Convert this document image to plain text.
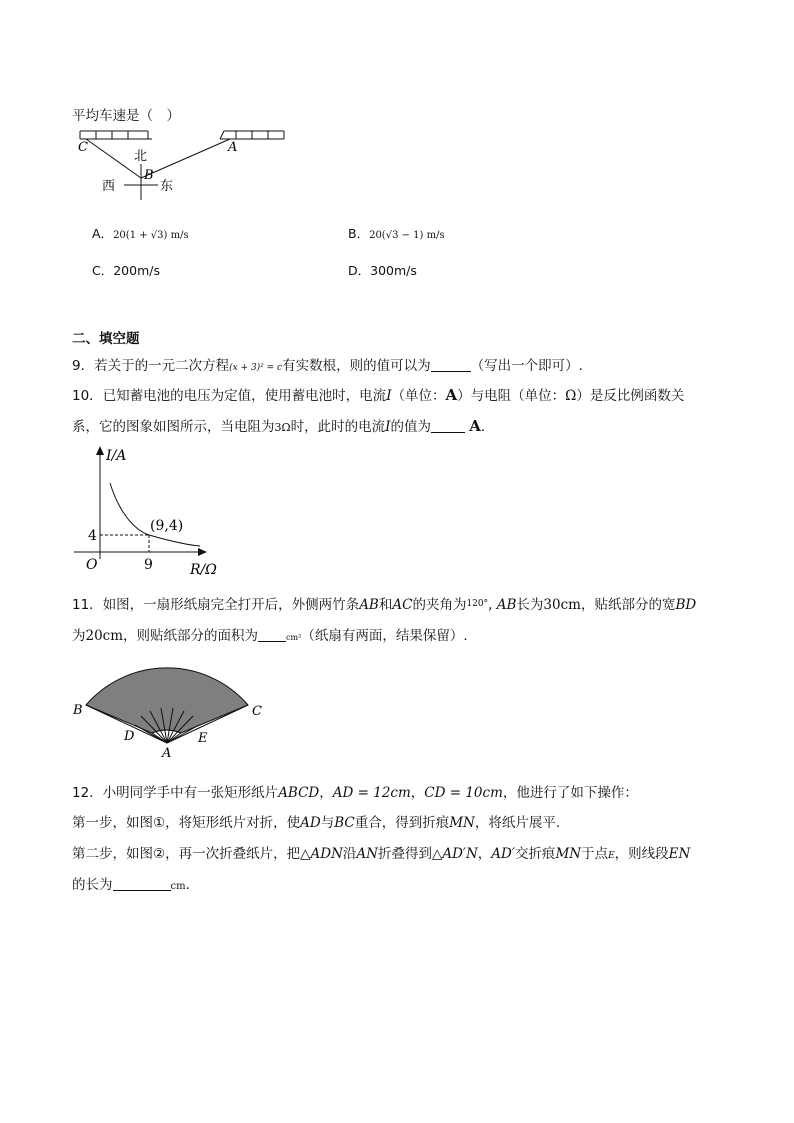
平均车速是（　）
C	A
B
北
西	东
A．20(1 + √3) m/s	B．20(√3 − 1) m/s
C．200m/s	D．300m/s
二、填空题
9．若关于的一元二次方程(x + 3)² = c有实数根，则的值可以为	（写出一个即可）.
10．已知蓄电池的电压为定值，使用蓄电池时，电流I（单位：A）与电阻（单位：Ω）是反比例函数关
系，它的图象如图所示，当电阻为3Ω时，此时的电流I的值为	A．
I/A
R/Ω
O	9
4
(9,4)
11．如图，一扇形纸扇完全打开后，外侧两竹条AB和AC的夹角为$^{120^\circ}$, AB长为30cm，贴纸部分的宽BD
为20cm，则贴纸部分的面积为	cm²（纸扇有两面，结果保留）.
B	C
D	E
A
12．小明同学手中有一张矩形纸片ABCD，AD = 12cm，CD = 10cm，他进行了如下操作：
第一步，如图①，将矩形纸片对折，使AD与BC重合，得到折痕MN，将纸片展平.
第二步，如图②，再一次折叠纸片，把△ADN沿AN折叠得到△AD′N，AD′交折痕MN于点E，则线段EN
的长为	cm.
